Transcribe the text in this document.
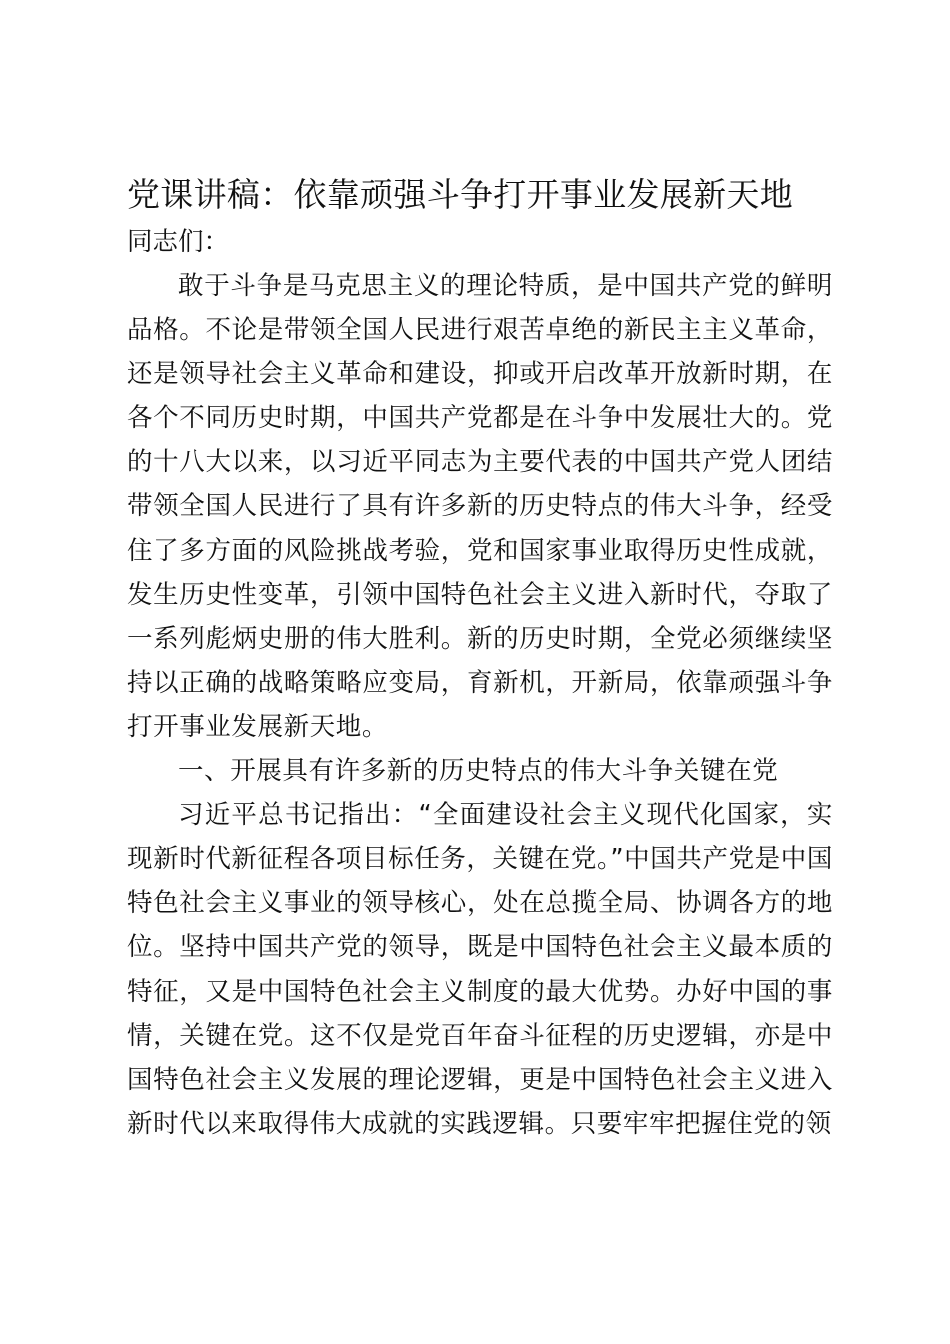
党课讲稿：依靠顽强斗争打开事业发展新天地

同志们：

敢于斗争是马克思主义的理论特质，是中国共产党的鲜明品格。不论是带领全国人民进行艰苦卓绝的新民主主义革命，还是领导社会主义革命和建设，抑或开启改革开放新时期，在各个不同历史时期，中国共产党都是在斗争中发展壮大的。党的十八大以来，以习近平同志为主要代表的中国共产党人团结带领全国人民进行了具有许多新的历史特点的伟大斗争，经受住了多方面的风险挑战考验，党和国家事业取得历史性成就，发生历史性变革，引领中国特色社会主义进入新时代，夺取了一系列彪炳史册的伟大胜利。新的历史时期，全党必须继续坚持以正确的战略策略应变局，育新机，开新局，依靠顽强斗争打开事业发展新天地。

一、开展具有许多新的历史特点的伟大斗争关键在党

习近平总书记指出：“全面建设社会主义现代化国家，实现新时代新征程各项目标任务，关键在党。”中国共产党是中国特色社会主义事业的领导核心，处在总揽全局、协调各方的地位。坚持中国共产党的领导，既是中国特色社会主义最本质的特征，又是中国特色社会主义制度的最大优势。办好中国的事情，关键在党。这不仅是党百年奋斗征程的历史逻辑，亦是中国特色社会主义发展的理论逻辑，更是中国特色社会主义进入新时代以来取得伟大成就的实践逻辑。只要牢牢把握住党的领
